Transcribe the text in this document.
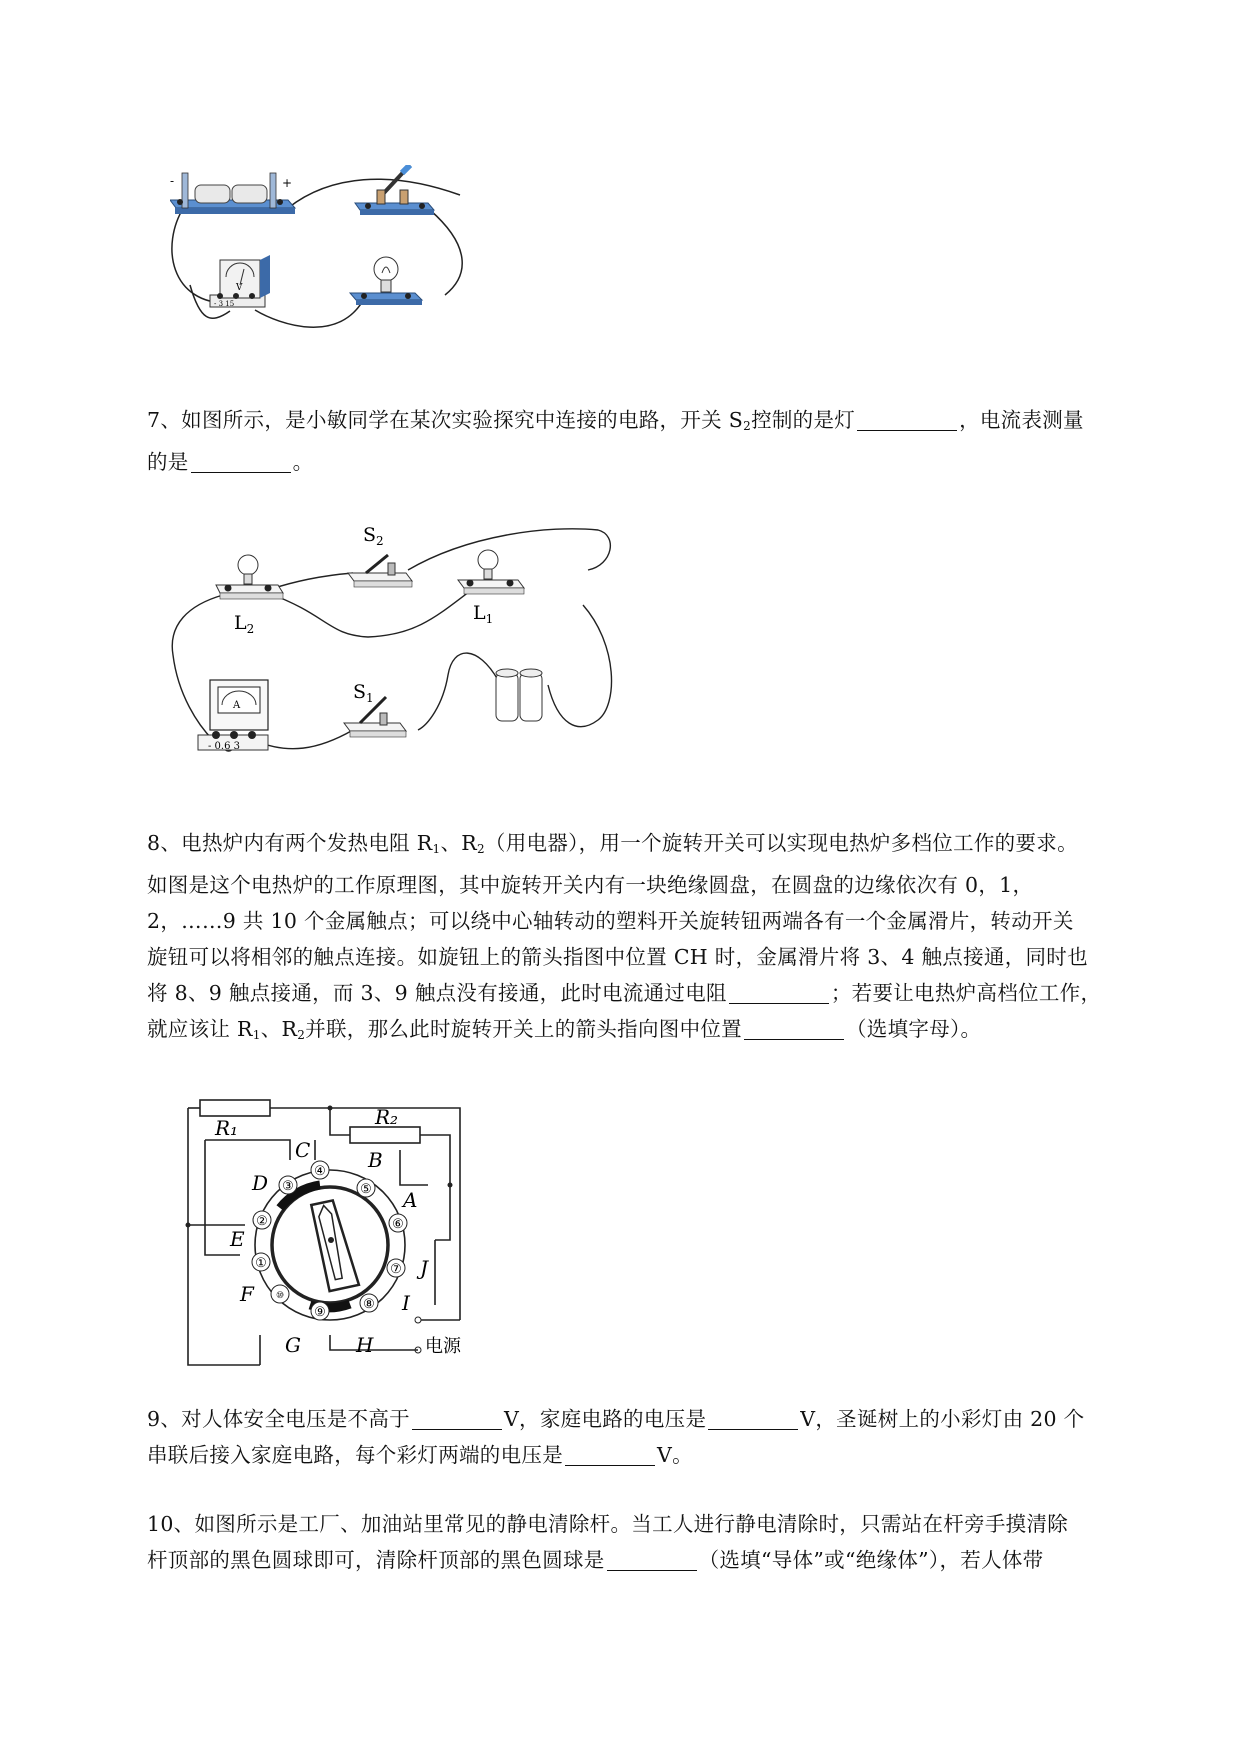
-	+
V
- 3 15

7、如图所示，是小敏同学在某次实验探究中连接的电路，开关 $S_2$控制的是灯	，电流表测量
的是	。

$L_2$
$S_2$
$L_1$
$S_1$
A
- 0.6 3

8、电热炉内有两个发热电阻 $R_1$、$R_2$（用电器），用一个旋转开关可以实现电热炉多档位工作的要求。
如图是这个电热炉的工作原理图，其中旋转开关内有一块绝缘圆盘，在圆盘的边缘依次有 0，1，
2，……9 共 10 个金属触点；可以绕中心轴转动的塑料开关旋转钮两端各有一个金属滑片，转动开关
旋钮可以将相邻的触点连接。如旋钮上的箭头指图中位置 CH 时，金属滑片将 3、4 触点接通，同时也
将 8、9 触点接通，而 3、9 触点没有接通，此时电流通过电阻	；若要让电热炉高档位工作，
就应该让 $R_1$、$R_2$并联，那么此时旋转开关上的箭头指向图中位置	（选填字母）。

①
②
③
④
⑤
⑥
⑦
⑧
⑨
⑩
A
B
C
D
E
F
G	H
I
J
R₁	R₂
电源

9、对人体安全电压是不高于	V，家庭电路的电压是	V，圣诞树上的小彩灯由 20 个
串联后接入家庭电路，每个彩灯两端的电压是	V。

10、如图所示是工厂、加油站里常见的静电清除杆。当工人进行静电清除时，只需站在杆旁手摸清除
杆顶部的黑色圆球即可，清除杆顶部的黑色圆球是	（选填“导体”或“绝缘体”），若人体带
